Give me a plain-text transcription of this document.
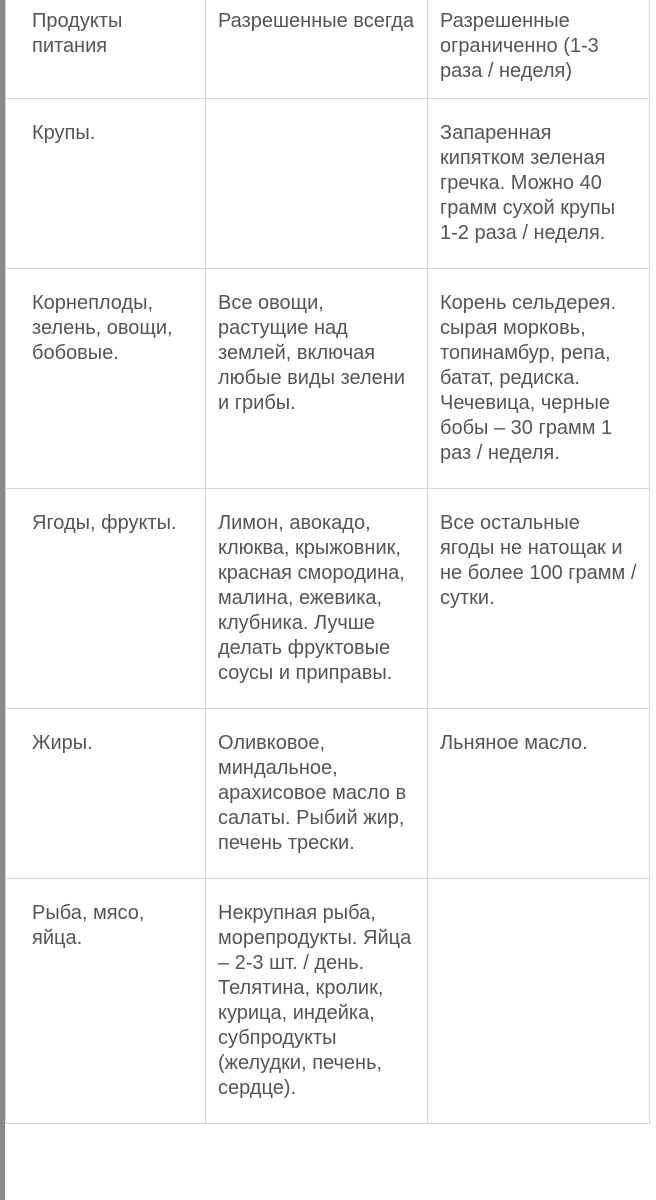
Продукты питания	Разрешенные всегда	Разрешенные ограниченно (1-3 раза / неделя)
Крупы.		Запаренная кипятком зеленая гречка. Можно 40 грамм сухой крупы 1-2 раза / неделя.
Корнеплоды, зелень, овощи, бобовые.	Все овощи, растущие над землей, включая любые виды зелени и грибы.	Корень сельдерея. сырая морковь, топинамбур, репа, батат, редиска. Чечевица, черные бобы – 30 грамм 1 раз / неделя.
Ягоды, фрукты.	Лимон, авокадо, клюква, крыжовник, красная смородина, малина, ежевика, клубника. Лучше делать фруктовые соусы и приправы.	Все остальные ягоды не натощак и не более 100 грамм / сутки.
Жиры.	Оливковое, миндальное, арахисовое масло в салаты. Рыбий жир, печень трески.	Льняное масло.
Рыба, мясо, яйца.	Некрупная рыба, морепродукты. Яйца – 2-3 шт. / день. Телятина, кролик, курица, индейка, субпродукты (желудки, печень, сердце).	
